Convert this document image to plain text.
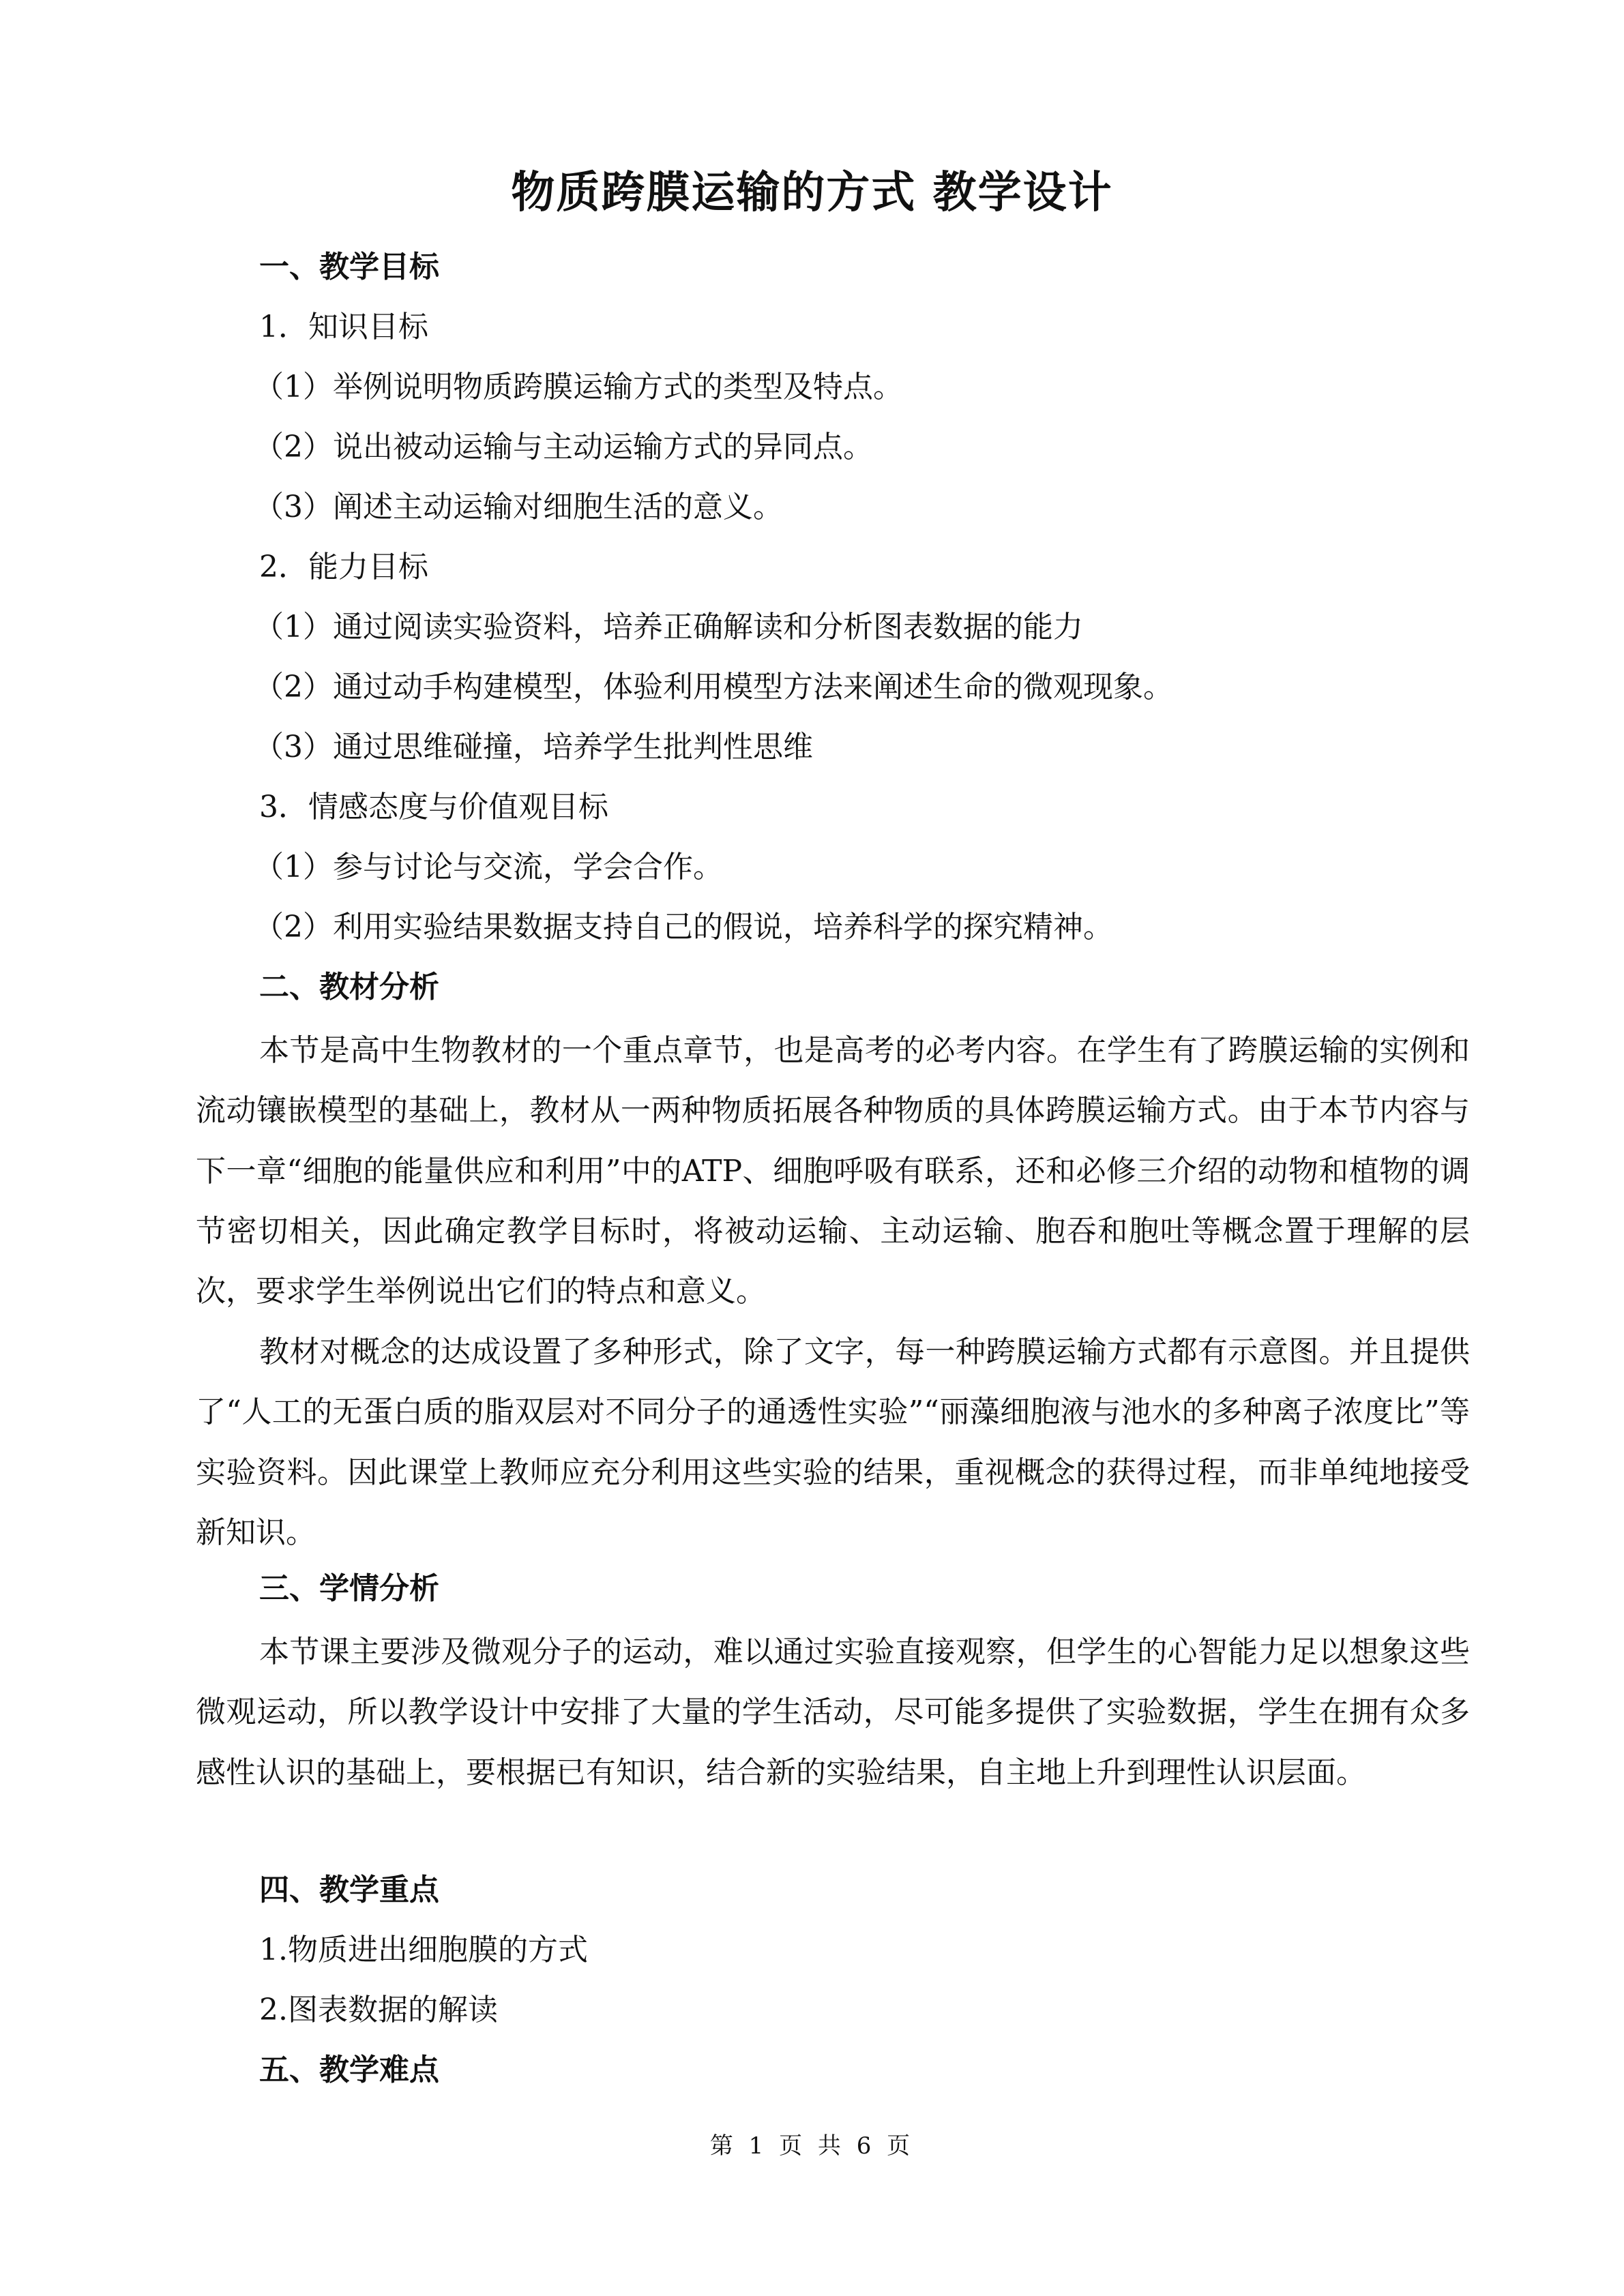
物质跨膜运输的方式 教学设计
一、教学目标
1．知识目标
（1）举例说明物质跨膜运输方式的类型及特点。
（2）说出被动运输与主动运输方式的异同点。
（3）阐述主动运输对细胞生活的意义。
2．能力目标
（1）通过阅读实验资料，培养正确解读和分析图表数据的能力
（2）通过动手构建模型，体验利用模型方法来阐述生命的微观现象。
（3）通过思维碰撞，培养学生批判性思维
3．情感态度与价值观目标
（1）参与讨论与交流，学会合作。
（2）利用实验结果数据支持自己的假说，培养科学的探究精神。
二、教材分析

本节是高中生物教材的一个重点章节，也是高考的必考内容。在学生有了跨膜运输的实例和流动镶嵌模型的基础上，教材从一两种物质拓展各种物质的具体跨膜运输方式。由于本节内容与下一章“细胞的能量供应和利用”中的ATP、细胞呼吸有联系，还和必修三介绍的动物和植物的调节密切相关，因此确定教学目标时，将被动运输、主动运输、胞吞和胞吐等概念置于理解的层次，要求学生举例说出它们的特点和意义。

教材对概念的达成设置了多种形式，除了文字，每一种跨膜运输方式都有示意图。并且提供了“人工的无蛋白质的脂双层对不同分子的通透性实验”“丽藻细胞液与池水的多种离子浓度比”等实验资料。因此课堂上教师应充分利用这些实验的结果，重视概念的获得过程，而非单纯地接受新知识。

三、学情分析

本节课主要涉及微观分子的运动，难以通过实验直接观察，但学生的心智能力足以想象这些微观运动，所以教学设计中安排了大量的学生活动，尽可能多提供了实验数据，学生在拥有众多感性认识的基础上，要根据已有知识，结合新的实验结果，自主地上升到理性认识层面。

四、教学重点
1.物质进出细胞膜的方式
2.图表数据的解读
五、教学难点
第 1 页 共 6 页
